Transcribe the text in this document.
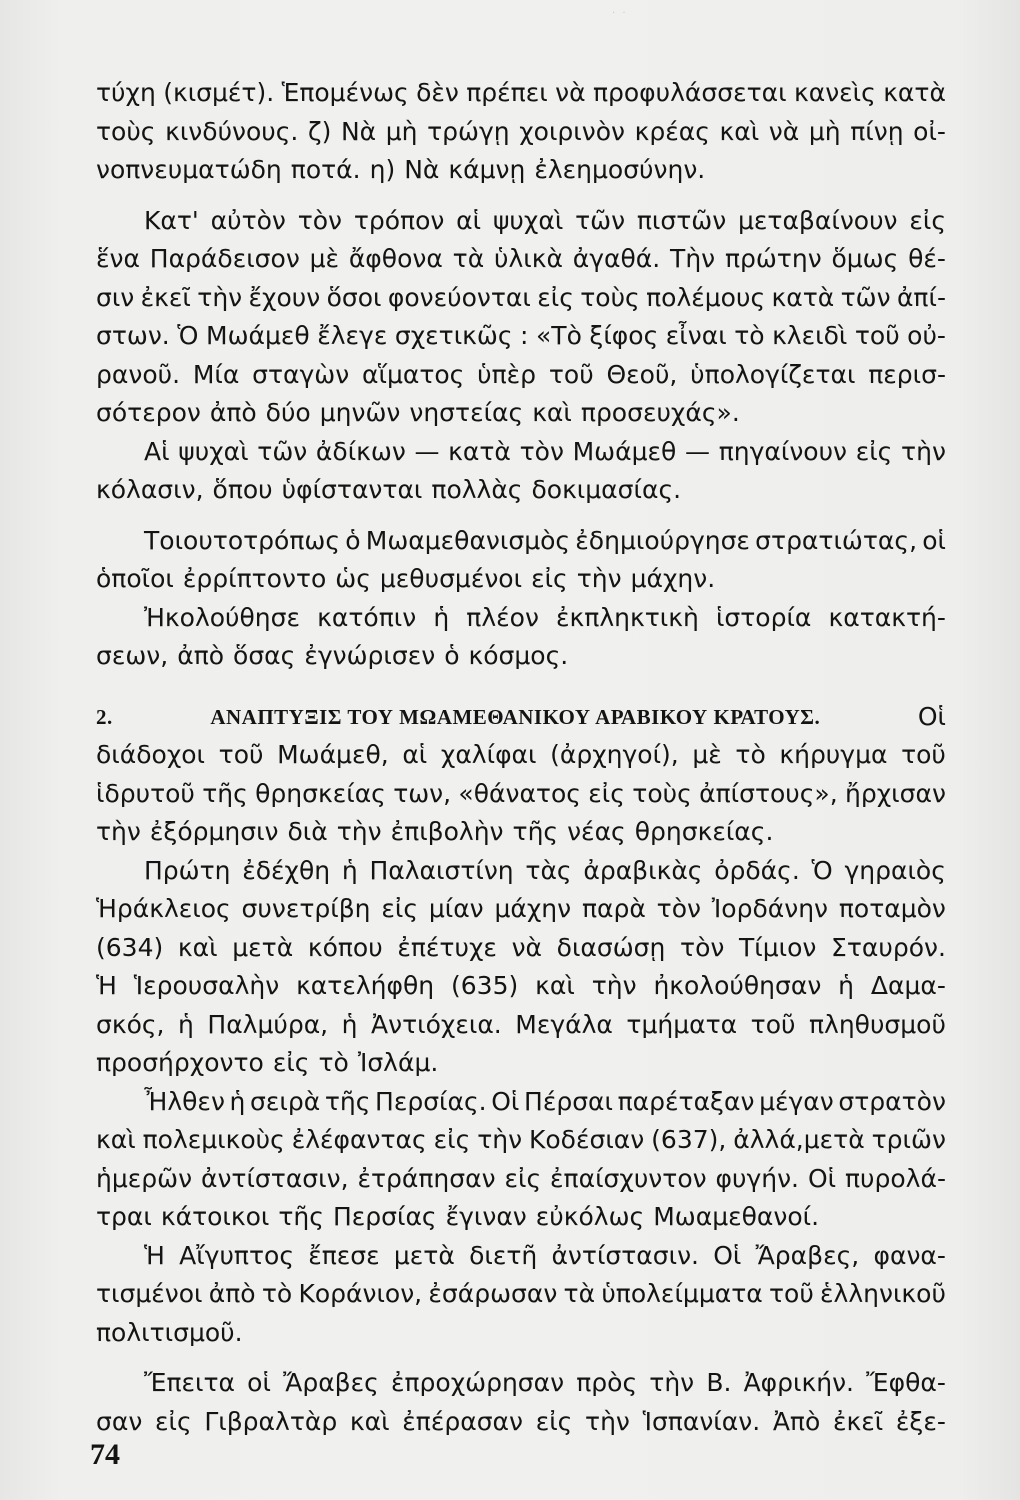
· ·
τύχη (κισμέτ). Ἑπομένως δὲν πρέπει νὰ προφυλάσσεται κανεὶς κατὰ
τοὺς κινδύνους. ζ) Νὰ μὴ τρώγῃ χοιρινὸν κρέας καὶ νὰ μὴ πίνῃ οἰ-
νοπνευματώδη ποτά. η) Νὰ κάμνῃ ἐλεημοσύνην.
Κατ' αὐτὸν τὸν τρόπον αἱ ψυχαὶ τῶν πιστῶν μεταβαίνουν εἰς
ἕνα Παράδεισον μὲ ἄφθονα τὰ ὑλικὰ ἀγαθά. Τὴν πρώτην ὅμως θέ-
σιν ἐκεῖ τὴν ἔχουν ὅσοι φονεύονται εἰς τοὺς πολέμους κατὰ τῶν ἀπί-
στων. Ὁ Μωάμεθ ἔλεγε σχετικῶς : «Τὸ ξίφος εἶναι τὸ κλειδὶ τοῦ οὐ-
ρανοῦ. Μία σταγὼν αἵματος ὑπὲρ τοῦ Θεοῦ, ὑπολογίζεται περισ-
σότερον ἀπὸ δύο μηνῶν νηστείας καὶ προσευχάς».
Αἱ ψυχαὶ τῶν ἀδίκων — κατὰ τὸν Μωάμεθ — πηγαίνουν εἰς τὴν
κόλασιν, ὅπου ὑφίστανται πολλὰς δοκιμασίας.
Τοιουτοτρόπως ὁ Μωαμεθανισμὸς ἐδημιούργησε στρατιώτας, οἱ
ὁποῖοι ἐρρίπτοντο ὡς μεθυσμένοι εἰς τὴν μάχην.
Ἠκολούθησε κατόπιν ἡ πλέον ἐκπληκτικὴ ἱστορία κατακτή-
σεων, ἀπὸ ὅσας ἐγνώρισεν ὁ κόσμος.
2.	ΑΝΑΠΤΥΞΙΣ ΤΟΥ ΜΩΑΜΕΘΑΝΙΚΟΥ ΑΡΑΒΙΚΟΥ ΚΡΑΤΟΥΣ.	Οἱ
διάδοχοι τοῦ Μωάμεθ, αἱ χαλίφαι (ἀρχηγοί), μὲ τὸ κήρυγμα τοῦ
ἱδρυτοῦ τῆς θρησκείας των, «θάνατος εἰς τοὺς ἀπίστους», ἤρχισαν
τὴν ἐξόρμησιν διὰ τὴν ἐπιβολὴν τῆς νέας θρησκείας.
Πρώτη ἐδέχθη ἡ Παλαιστίνη τὰς ἀραβικὰς ὀρδάς. Ὁ γηραιὸς
Ἡράκλειος συνετρίβη εἰς μίαν μάχην παρὰ τὸν Ἰορδάνην ποταμὸν
(634) καὶ μετὰ κόπου ἐπέτυχε νὰ διασώσῃ τὸν Τίμιον Σταυρόν.
Ἡ Ἱερουσαλὴν κατελήφθη (635) καὶ τὴν ἠκολούθησαν ἡ Δαμα-
σκός, ἡ Παλμύρα, ἡ Ἀντιόχεια. Μεγάλα τμήματα τοῦ πληθυσμοῦ
προσήρχοντο εἰς τὸ Ἰσλάμ.
Ἦλθεν ἡ σειρὰ τῆς Περσίας. Οἱ Πέρσαι παρέταξαν μέγαν στρατὸν
καὶ πολεμικοὺς ἐλέφαντας εἰς τὴν Κοδέσιαν (637), ἀλλά,μετὰ τριῶν
ἡμερῶν ἀντίστασιν, ἐτράπησαν εἰς ἐπαίσχυντον φυγήν. Οἱ πυρολά-
τραι κάτοικοι τῆς Περσίας ἔγιναν εὐκόλως Μωαμεθανοί.
Ἡ Αἴγυπτος ἔπεσε μετὰ διετῆ ἀντίστασιν. Οἱ Ἄραβες, φανα-
τισμένοι ἀπὸ τὸ Κοράνιον, ἐσάρωσαν τὰ ὑπολείμματα τοῦ ἑλληνικοῦ
πολιτισμοῦ.
Ἔπειτα οἱ Ἄραβες ἐπροχώρησαν πρὸς τὴν Β. Ἀφρικήν. Ἔφθα-
σαν εἰς Γιβραλτὰρ καὶ ἐπέρασαν εἰς τὴν Ἱσπανίαν. Ἀπὸ ἐκεῖ ἐξε-
74
